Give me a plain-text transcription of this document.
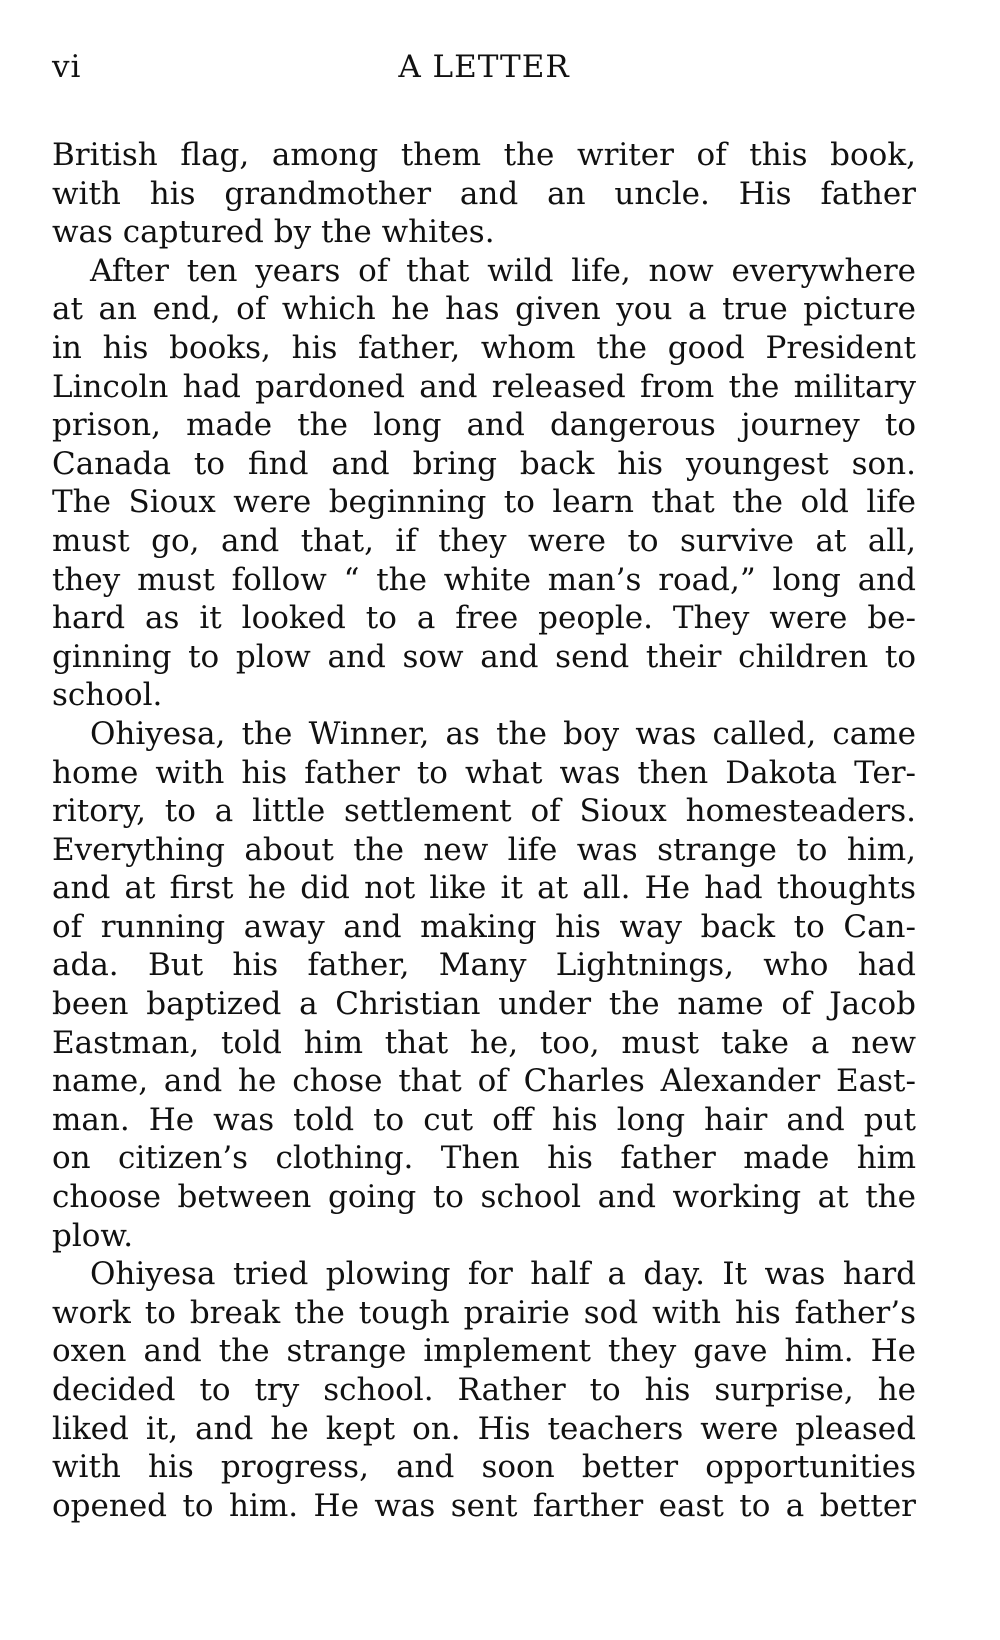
vi	A LETTER
British flag, among them the writer of this book,
with his grandmother and an uncle. His father
was captured by the whites.
After ten years of that wild life, now everywhere
at an end, of which he has given you a true picture
in his books, his father, whom the good President
Lincoln had pardoned and released from the military
prison, made the long and dangerous journey to
Canada to find and bring back his youngest son.
The Sioux were beginning to learn that the old life
must go, and that, if they were to survive at all,
they must follow “ the white man’s road,” long and
hard as it looked to a free people. They were be-
ginning to plow and sow and send their children to
school.
Ohiyesa, the Winner, as the boy was called, came
home with his father to what was then Dakota Ter-
ritory, to a little settlement of Sioux homesteaders.
Everything about the new life was strange to him,
and at first he did not like it at all. He had thoughts
of running away and making his way back to Can-
ada. But his father, Many Lightnings, who had
been baptized a Christian under the name of Jacob
Eastman, told him that he, too, must take a new
name, and he chose that of Charles Alexander East-
man. He was told to cut off his long hair and put
on citizen’s clothing. Then his father made him
choose between going to school and working at the
plow.
Ohiyesa tried plowing for half a day. It was hard
work to break the tough prairie sod with his father’s
oxen and the strange implement they gave him. He
decided to try school. Rather to his surprise, he
liked it, and he kept on. His teachers were pleased
with his progress, and soon better opportunities
opened to him. He was sent farther east to a better
